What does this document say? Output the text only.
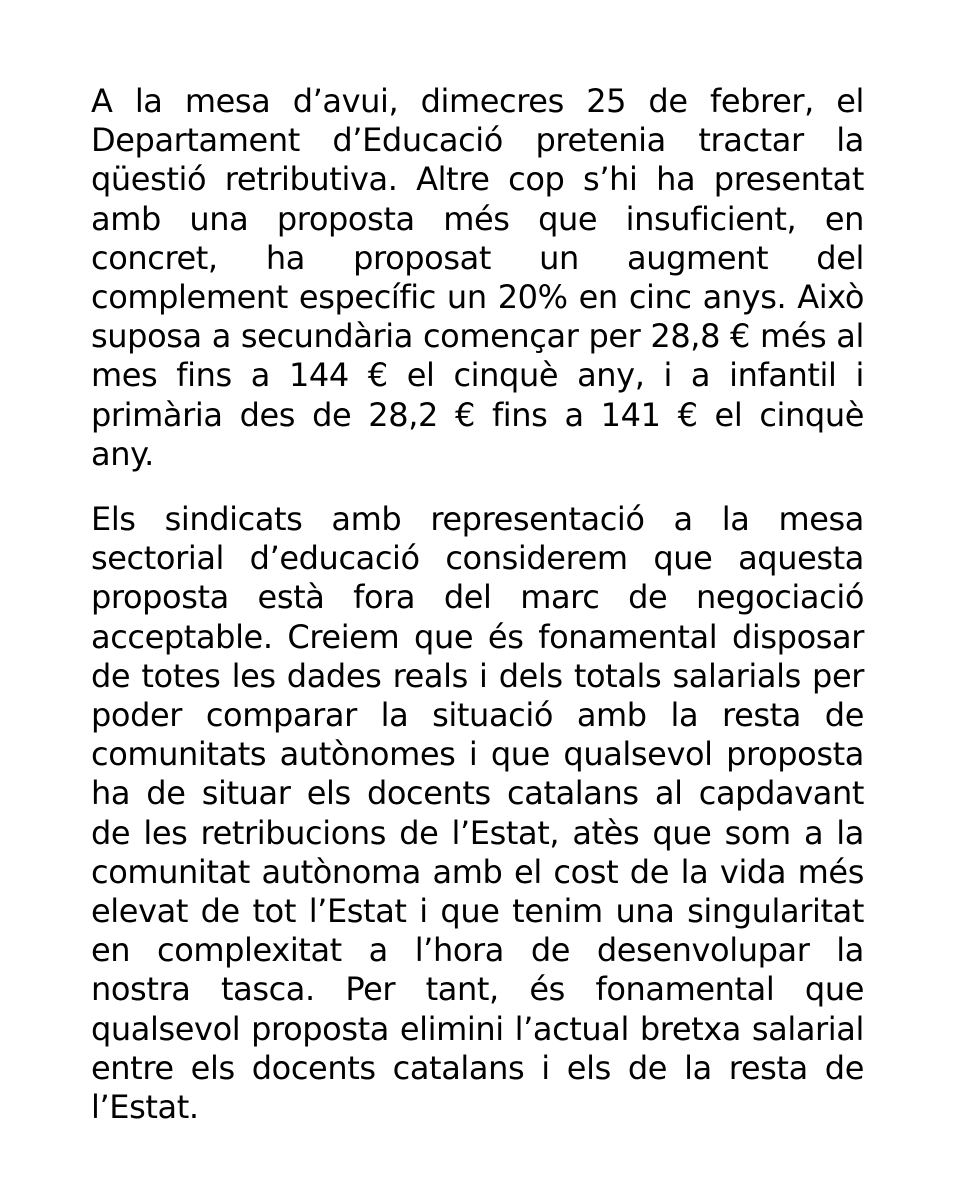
A la mesa d’avui, dimecres 25 de febrer, el Departament d’Educació pretenia tractar la qüestió retributiva. Altre cop s’hi ha presentat amb una proposta més que insuficient, en concret, ha proposat un augment del complement específic un 20% en cinc anys. Això suposa a secundària començar per 28,8 € més al mes fins a 144 € el cinquè any, i a infantil i primària des de 28,2 € fins a 141 € el cinquè any.

Els sindicats amb representació a la mesa sectorial d’educació considerem que aquesta proposta està fora del marc de negociació acceptable. Creiem que és fonamental disposar de totes les dades reals i dels totals salarials per poder comparar la situació amb la resta de comunitats autònomes i que qualsevol proposta ha de situar els docents catalans al capdavant de les retribucions de l’Estat, atès que som a la comunitat autònoma amb el cost de la vida més elevat de tot l’Estat i que tenim una singularitat en complexitat a l’hora de desenvolupar la nostra tasca. Per tant, és fonamental que qualsevol proposta elimini l’actual bretxa salarial entre els docents catalans i els de la resta de l’Estat.
